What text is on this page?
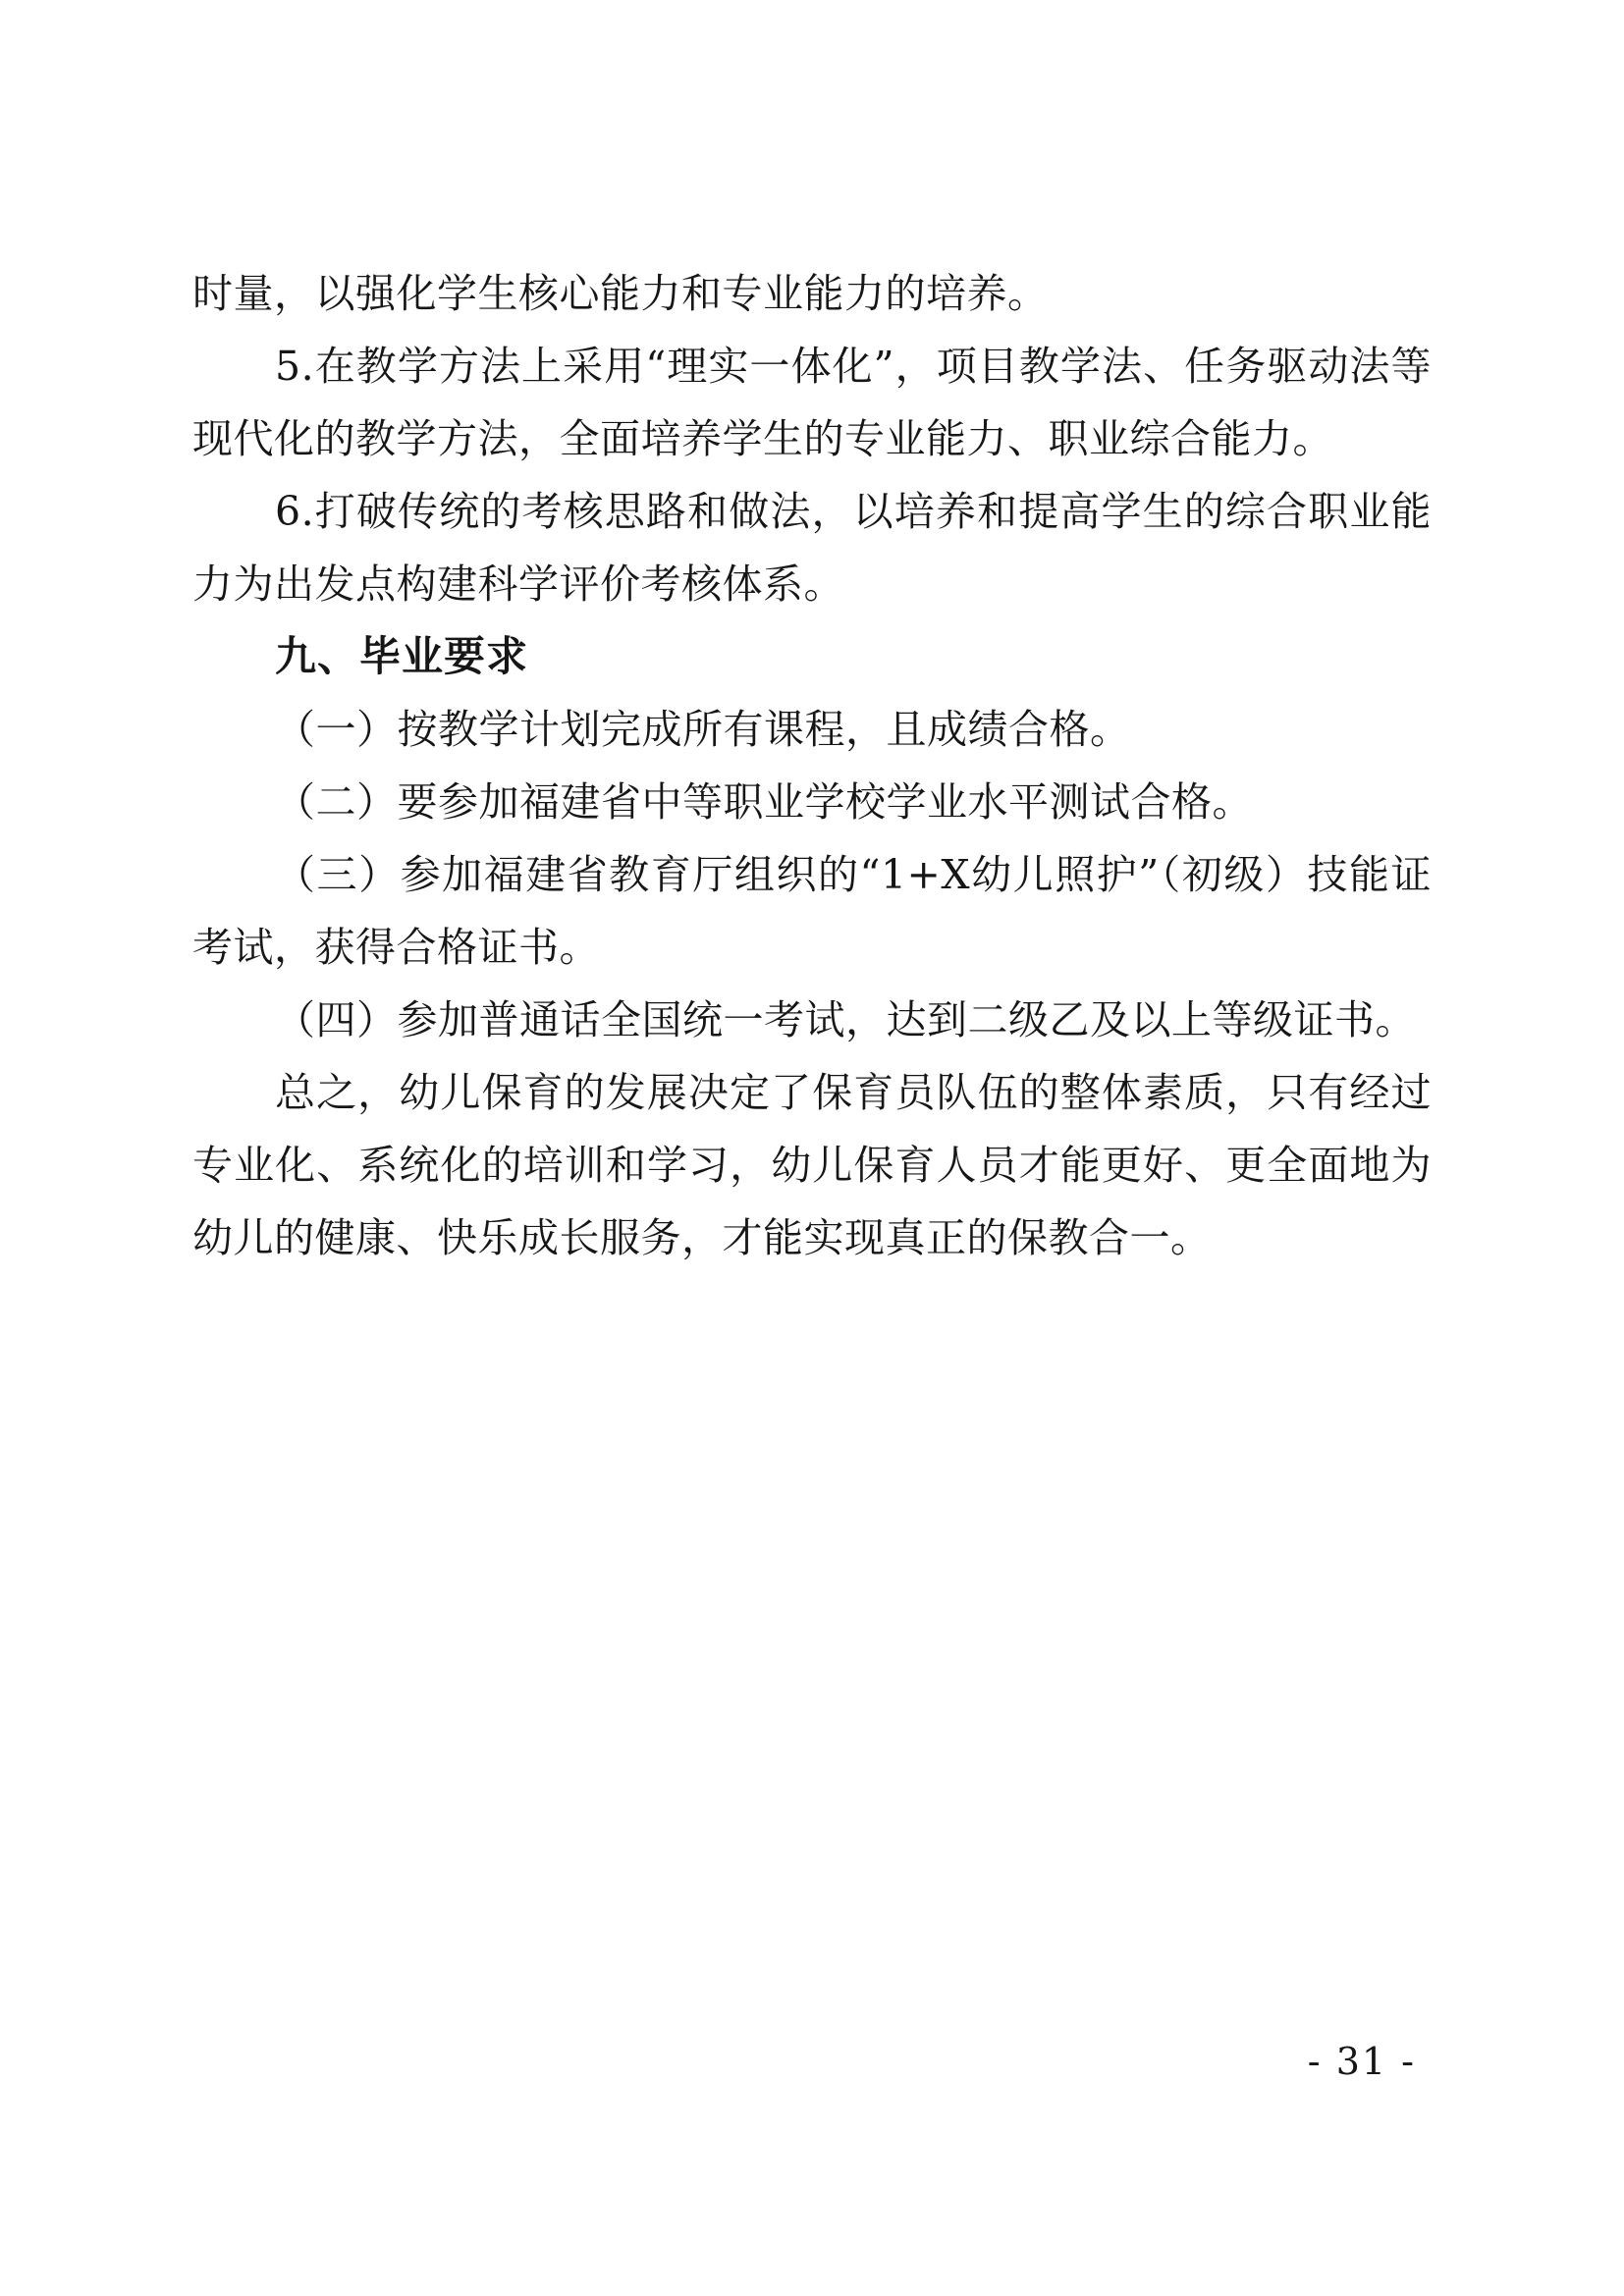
时量，以强化学生核心能力和专业能力的培养。

5.在教学方法上采用“理实一体化”，项目教学法、任务驱动法等现代化的教学方法，全面培养学生的专业能力、职业综合能力。

6.打破传统的考核思路和做法，以培养和提高学生的综合职业能力为出发点构建科学评价考核体系。

九、毕业要求

（一）按教学计划完成所有课程，且成绩合格。

（二）要参加福建省中等职业学校学业水平测试合格。

（三）参加福建省教育厅组织的“1+X幼儿照护”（初级）技能证考试，获得合格证书。

（四）参加普通话全国统一考试，达到二级乙及以上等级证书。

总之，幼儿保育的发展决定了保育员队伍的整体素质，只有经过专业化、系统化的培训和学习，幼儿保育人员才能更好、更全面地为幼儿的健康、快乐成长服务，才能实现真正的保教合一。

- 31 -
